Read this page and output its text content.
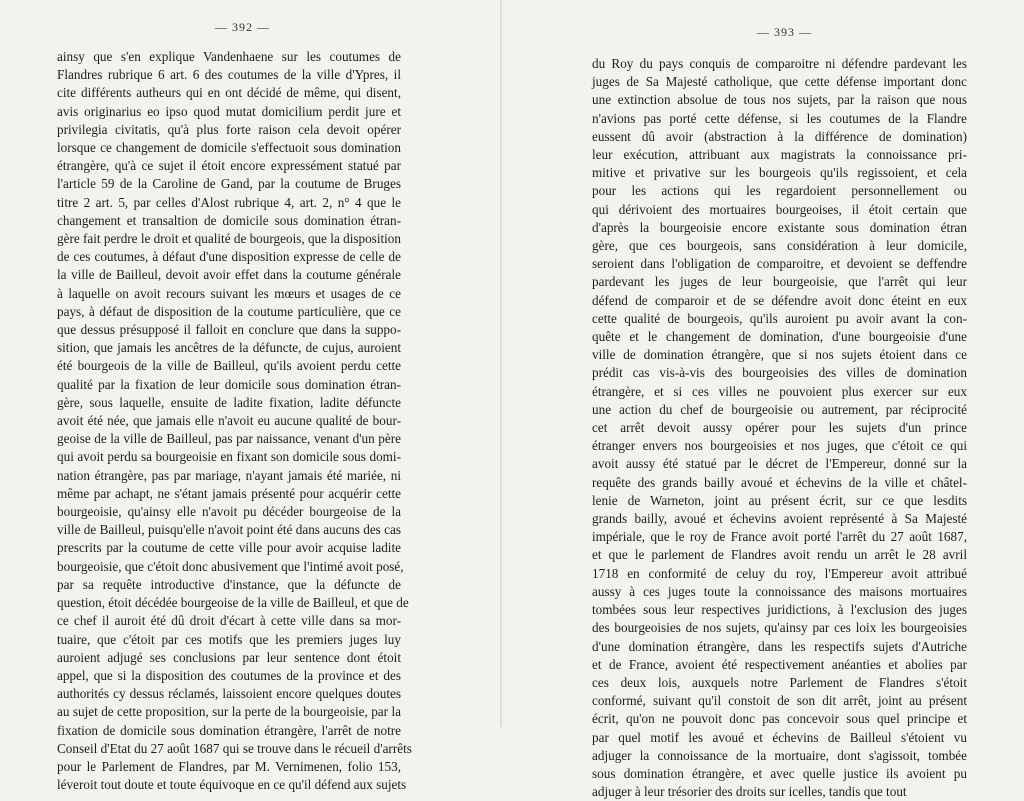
— 392 —
ainsy que s'en explique Vandenhaene sur les coutumes de
Flandres rubrique 6 art. 6 des coutumes de la ville d'Ypres, il
cite différents autheurs qui en ont décidé de même, qui disent,
avis originarius eo ipso quod mutat domicilium perdit jure et
privilegia civitatis, qu'à plus forte raison cela devoit opérer
lorsque ce changement de domicile s'effectuoit sous domination
étrangère, qu'à ce sujet il étoit encore expressément statué par
l'article 59 de la Caroline de Gand, par la coutume de Bruges
titre 2 art. 5, par celles d'Alost rubrique 4, art. 2, n° 4 que le
changement et transaltion de domicile sous domination étran-
gère fait perdre le droit et qualité de bourgeois, que la disposition
de ces coutumes, à défaut d'une disposition expresse de celle de
la ville de Bailleul, devoit avoir effet dans la coutume générale
à laquelle on avoit recours suivant les mœurs et usages de ce
pays, à défaut de disposition de la coutume particulière, que ce
que dessus présupposé il falloit en conclure que dans la suppo-
sition, que jamais les ancêtres de la défuncte, de cujus, auroient
été bourgeois de la ville de Bailleul, qu'ils avoient perdu cette
qualité par la fixation de leur domicile sous domination étran-
gère, sous laquelle, ensuite de ladite fixation, ladite défuncte
avoit été née, que jamais elle n'avoit eu aucune qualité de bour-
geoise de la ville de Bailleul, pas par naissance, venant d'un père
qui avoit perdu sa bourgeoisie en fixant son domicile sous domi-
nation étrangère, pas par mariage, n'ayant jamais été mariée, ni
même par achapt, ne s'étant jamais présenté pour acquérir cette
bourgeoisie, qu'ainsy elle n'avoit pu décéder bourgeoise de la
ville de Bailleul, puisqu'elle n'avoit point été dans aucuns des cas
prescrits par la coutume de cette ville pour avoir acquise ladite
bourgeoisie, que c'étoit donc abusivement que l'intimé avoit posé,
par sa requête introductive d'instance, que la défuncte de
question, étoit décédée bourgeoise de la ville de Bailleul, et que de
ce chef il auroit été dû droit d'écart à cette ville dans sa mor-
tuaire, que c'étoit par ces motifs que les premiers juges luy
auroient adjugé ses conclusions par leur sentence dont étoit
appel, que si la disposition des coutumes de la province et des
authorités cy dessus réclamés, laissoient encore quelques doutes
au sujet de cette proposition, sur la perte de la bourgeoisie, par la
fixation de domicile sous domination étrangère, l'arrêt de notre
Conseil d'Etat du 27 août 1687 qui se trouve dans le récueil d'arrêts
pour le Parlement de Flandres, par M. Vernimenen, folio 153,
léveroit tout doute et toute équivoque en ce qu'il défend aux sujets
— 393 —
du Roy du pays conquis de comparoitre ni défendre pardevant les
juges de Sa Majesté catholique, que cette défense important donc
une extinction absolue de tous nos sujets, par la raison que nous
n'avions pas porté cette défense, si les coutumes de la Flandre
eussent dû avoir (abstraction à la différence de domination)
leur exécution, attribuant aux magistrats la connoissance pri-
mitive et privative sur les bourgeois qu'ils regissoient, et cela
pour les actions qui les regardoient personnellement ou
qui dérivoient des mortuaires bourgeoises, il étoit certain que
d'après la bourgeoisie encore existante sous domination étran
gère, que ces bourgeois, sans considération à leur domicile,
seroient dans l'obligation de comparoitre, et devoient se deffendre
pardevant les juges de leur bourgeoisie, que l'arrêt qui leur
défend de comparoir et de se défendre avoit donc éteint en eux
cette qualité de bourgeois, qu'ils auroient pu avoir avant la con-
quête et le changement de domination, d'une bourgeoisie d'une
ville de domination étrangère, que si nos sujets étoient dans ce
prédit cas vis-à-vis des bourgeoisies des villes de domination
étrangère, et si ces villes ne pouvoient plus exercer sur eux
une action du chef de bourgeoisie ou autrement, par réciprocité
cet arrêt devoit aussy opérer pour les sujets d'un prince
étranger envers nos bourgeoisies et nos juges, que c'étoit ce qui
avoit aussy été statué par le décret de l'Empereur, donné sur la
requête des grands bailly avoué et échevins de la ville et châtel-
lenie de Warneton, joint au présent écrit, sur ce que lesdits
grands bailly, avoué et échevins avoient représenté à Sa Majesté
impériale, que le roy de France avoit porté l'arrêt du 27 août 1687,
et que le parlement de Flandres avoit rendu un arrêt le 28 avril
1718 en conformité de celuy du roy, l'Empereur avoit attribué
aussy à ces juges toute la connoissance des maisons mortuaires
tombées sous leur respectives juridictions, à l'exclusion des juges
des bourgeoisies de nos sujets, qu'ainsy par ces loix les bourgeoisies
d'une domination étrangère, dans les respectifs sujets d'Autriche
et de France, avoient été respectivement anéanties et abolies par
ces deux lois, auxquels notre Parlement de Flandres s'étoit
conformé, suivant qu'il constoit de son dit arrêt, joint au présent
écrit, qu'on ne pouvoit donc pas concevoir sous quel principe et
par quel motif les avoué et échevins de Bailleul s'étoient vu
adjuger la connoissance de la mortuaire, dont s'agissoit, tombée
sous domination étrangère, et avec quelle justice ils avoient pu
adjuger à leur trésorier des droits sur icelles, tandis que tout
